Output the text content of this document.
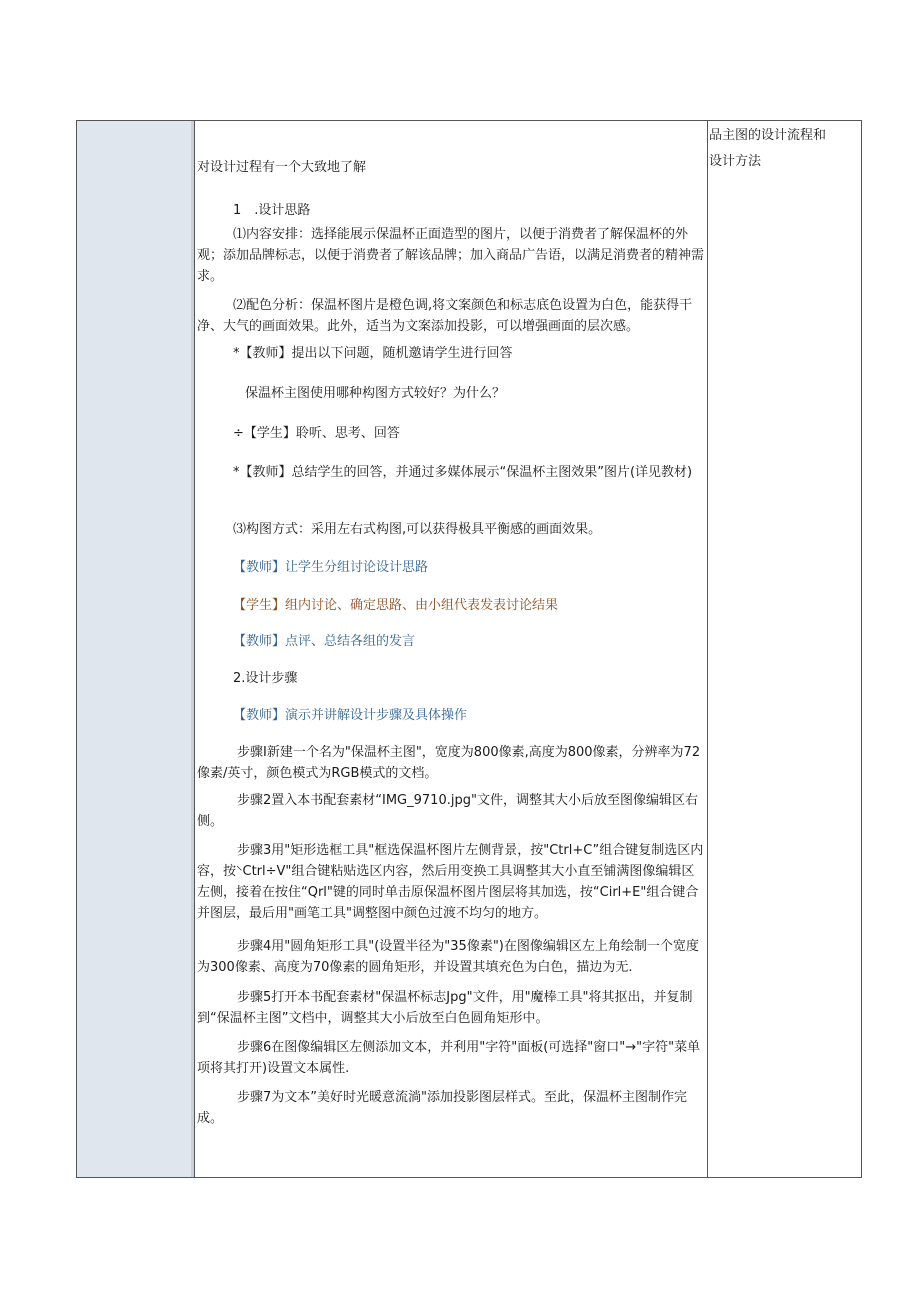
对设计过程有一个大致地了解

1　.设计思路

⑴内容安排：选择能展示保温杯正面造型的图片，以便于消费者了解保温杯的外观；添加品牌标志，以便于消费者了解该品牌；加入商品广告语，以满足消费者的精神需求。

⑵配色分析：保温杯图片是橙色调,将文案颜色和标志底色设置为白色，能获得干净、大气的画面效果。此外，适当为文案添加投影，可以增强画面的层次感。

*【教师】提出以下问题，随机邀请学生进行回答

保温杯主图使用哪种构图方式较好？为什么？

÷【学生】聆听、思考、回答

*【教师】总结学生的回答，并通过多媒体展示“保温杯主图效果”图片(详见教材)

⑶构图方式：采用左右式构图,可以获得极具平衡感的画面效果。

【教师】让学生分组讨论设计思路

【学生】组内讨论、确定思路、由小组代表发表讨论结果

【教师】点评、总结各组的发言

2.设计步骤

【教师】演示并讲解设计步骤及具体操作

步骤I新建一个名为"保温杯主图"，宽度为800像素,高度为800像素，分辨率为72像素/英寸，颜色模式为RGB模式的文档。

步骤2置入本书配套素材“IMG_9710.jpg"文件，调整其大小后放至图像编辑区右侧。

步骤3用"矩形选框工具"框选保温杯图片左侧背景，按"Ctrl+C”组合键复制选区内容，按⸌Ctrl÷V"组合键粘贴选区内容，然后用变换工具调整其大小直至铺满图像编辑区左侧，接着在按住“Qrl"键的同时单击原保温杯图片图层将其加选，按“Cirl+E"组合键合并图层，最后用"画笔工具"调整图中颜色过渡不均匀的地方。

步骤4用"圆角矩形工具"(设置半径为"35像素")在图像编辑区左上角绘制一个宽度为300像素、高度为70像素的圆角矩形，并设置其填充色为白色，描边为无.

步骤5打开本书配套素材"保温杯标志Jpg"文件，用"魔棒工具"将其抠出，并复制到“保温杯主图”文档中，调整其大小后放至白色圆角矩形中。

步骤6在图像编辑区左侧添加文本，并利用"字符"面板(可选择"窗口"→"字符"菜单项将其打开)设置文本属性.

步骤7为文本”美好时光暖意流淌"添加投影图层样式。至此，保温杯主图制作完成。

品主图的设计流程和
设计方法
